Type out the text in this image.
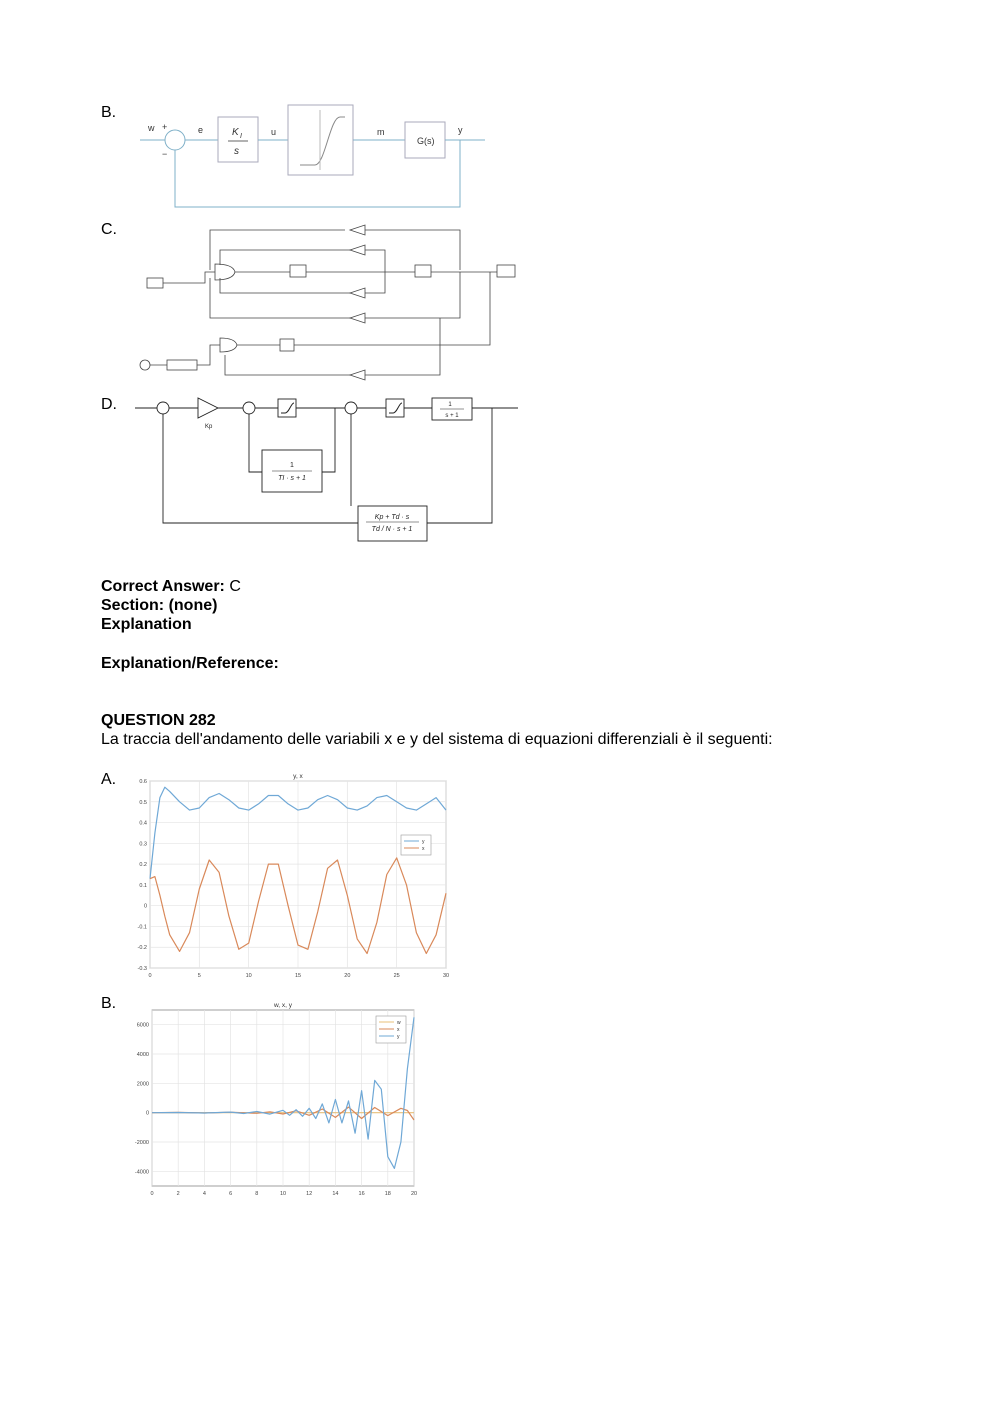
B.
w +
−
e	K I
s
u	m
G(s)
y
C.
D.
Kp
1
s + 1
1
TI · s + 1
Kp + Td · s
Td / N · s + 1
Correct Answer: C
Section: (none)
Explanation
Explanation/Reference:
QUESTION 282
La traccia dell'andamento delle variabili x e y del sistema di equazioni differenziali è il seguenti:
A.
0	5	10	15	20	25	30
0.6
0.5
0.4
0.3
0.2
0.1
0
-0.1
-0.2
-0.3
y, x
y
x
B.
0	2	4	6	8	10	12	14	16	18	20
6000
4000
2000
0
-2000
-4000
w, x, y
w
x
y
